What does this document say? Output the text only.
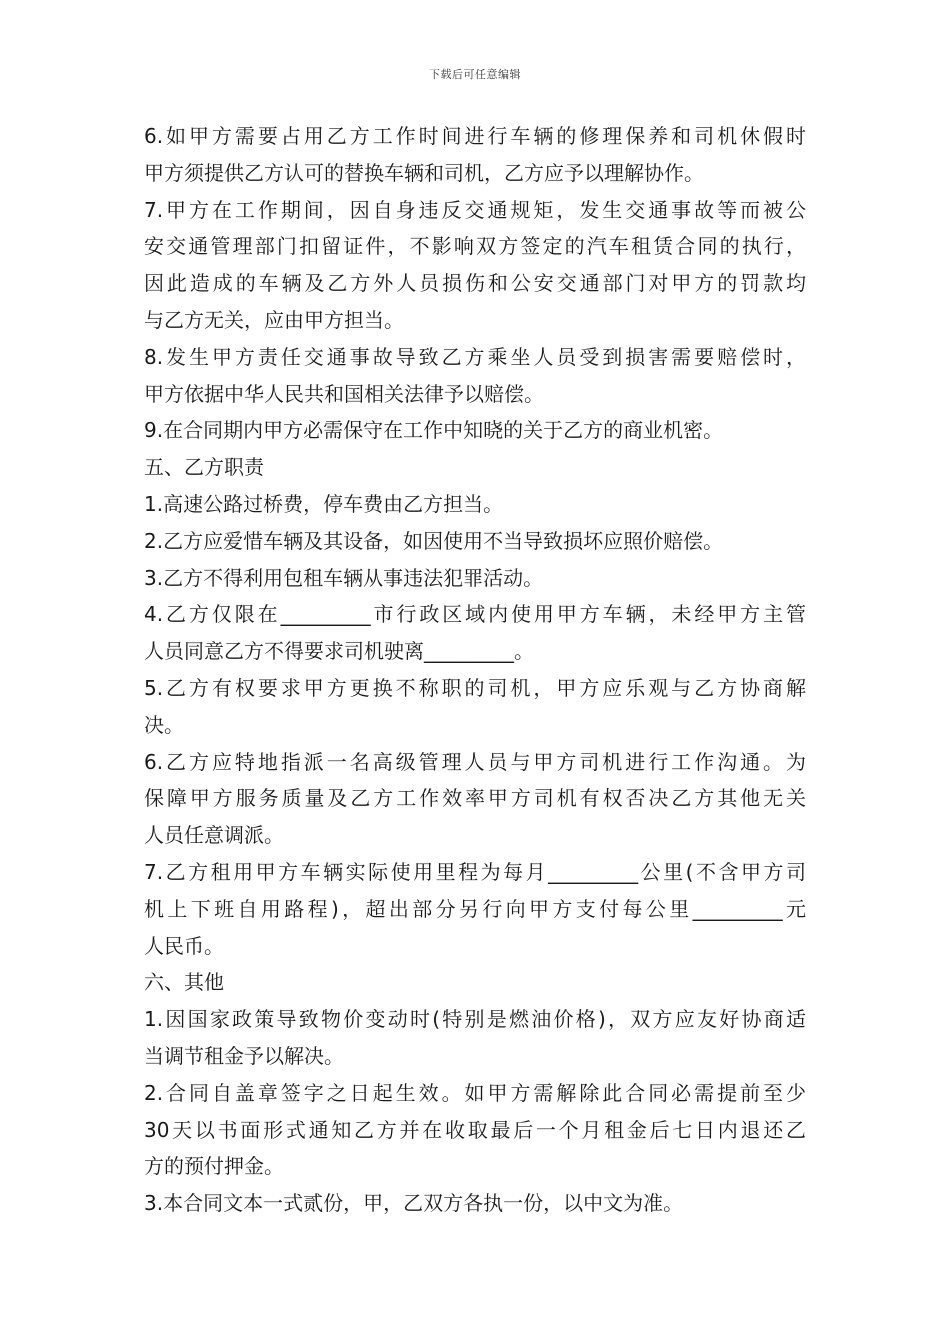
下载后可任意编辑
6.如甲方需要占用乙方工作时间进行车辆的修理保养和司机休假时
甲方须提供乙方认可的替换车辆和司机，乙方应予以理解协作。
7.甲方在工作期间，因自身违反交通规矩，发生交通事故等而被公
安交通管理部门扣留证件，不影响双方签定的汽车租赁合同的执行，
因此造成的车辆及乙方外人员损伤和公安交通部门对甲方的罚款均
与乙方无关，应由甲方担当。
8.发生甲方责任交通事故导致乙方乘坐人员受到损害需要赔偿时，
甲方依据中华人民共和国相关法律予以赔偿。
9.在合同期内甲方必需保守在工作中知晓的关于乙方的商业机密。
五、乙方职责
1.高速公路过桥费，停车费由乙方担当。
2.乙方应爱惜车辆及其设备，如因使用不当导致损坏应照价赔偿。
3.乙方不得利用包租车辆从事违法犯罪活动。
4.乙方仅限在_________市行政区域内使用甲方车辆，未经甲方主管
人员同意乙方不得要求司机驶离_________。
5.乙方有权要求甲方更换不称职的司机，甲方应乐观与乙方协商解
决。
6.乙方应特地指派一名高级管理人员与甲方司机进行工作沟通。为
保障甲方服务质量及乙方工作效率甲方司机有权否决乙方其他无关
人员任意调派。
7.乙方租用甲方车辆实际使用里程为每月_________公里(不含甲方司
机上下班自用路程)，超出部分另行向甲方支付每公里_________元
人民币。
六、其他
1.因国家政策导致物价变动时(特别是燃油价格)，双方应友好协商适
当调节租金予以解决。
2.合同自盖章签字之日起生效。如甲方需解除此合同必需提前至少
30天以书面形式通知乙方并在收取最后一个月租金后七日内退还乙
方的预付押金。
3.本合同文本一式贰份，甲，乙双方各执一份，以中文为准。
